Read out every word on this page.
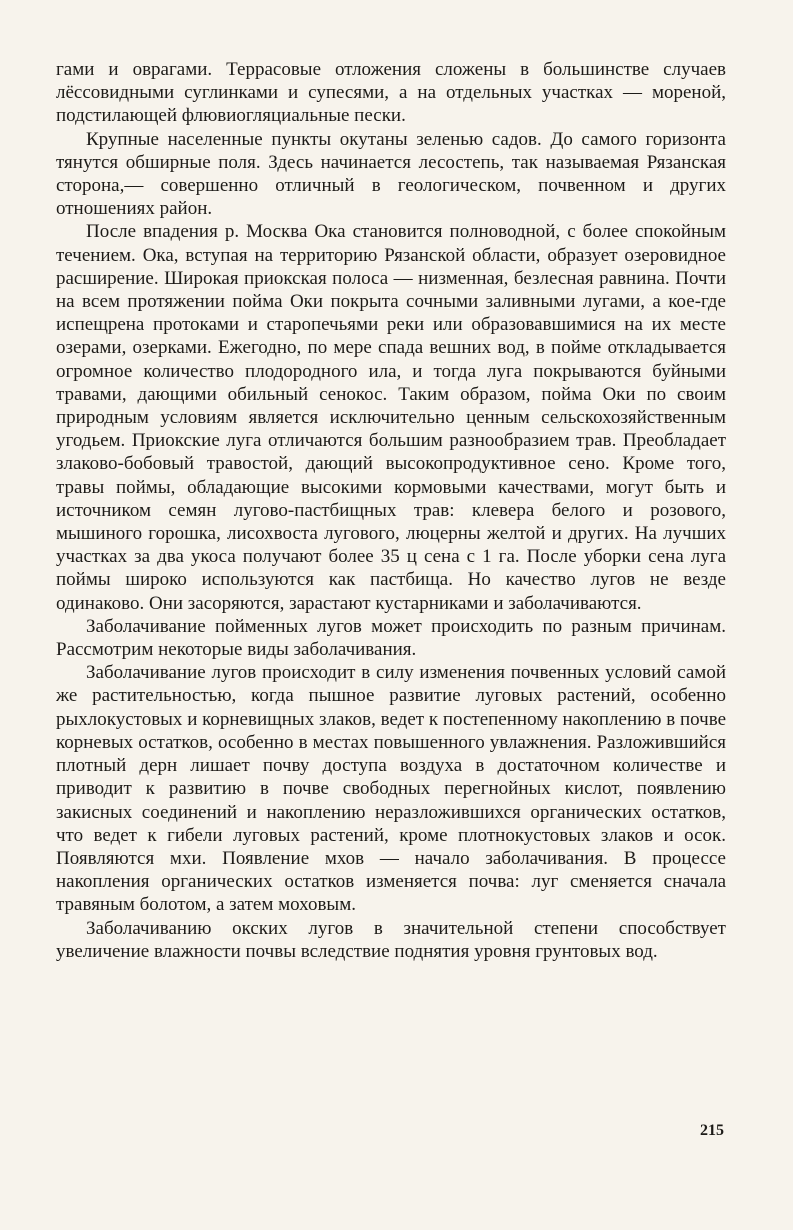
гами и оврагами. Террасовые отложения сложены в большинстве случаев лёссовидными суглинками и супесями, а на отдельных участках — мореной, подстилающей флювиогляциальные пески.

Крупные населенные пункты окутаны зеленью садов. До самого горизонта тянутся обширные поля. Здесь начинается лесостепь, так называемая Рязанская сторона,— совершенно отличный в геологическом, почвенном и других отношениях район.

После впадения р. Москва Ока становится полноводной, с более спокойным течением. Ока, вступая на территорию Рязанской области, образует озеровидное расширение. Широкая приокская полоса — низменная, безлесная равнина. Почти на всем протяжении пойма Оки покрыта сочными заливными лугами, а кое-где испещрена протоками и старопечьями реки или образовавшимися на их месте озерами, озерками. Ежегодно, по мере спада вешних вод, в пойме откладывается огромное количество плодородного ила, и тогда луга покрываются буйными травами, дающими обильный сенокос. Таким образом, пойма Оки по своим природным условиям является исключительно ценным сельскохозяйственным угодьем. Приокские луга отличаются большим разнообразием трав. Преобладает злаково-бобовый травостой, дающий высокопродуктивное сено. Кроме того, травы поймы, обладающие высокими кормовыми качествами, могут быть и источником семян лугово-пастбищных трав: клевера белого и розового, мышиного горошка, лисохвоста лугового, люцерны желтой и других. На лучших участках за два укоса получают более 35 ц сена с 1 га. После уборки сена луга поймы широко используются как пастбища. Но качество лугов не везде одинаково. Они засоряются, зарастают кустарниками и заболачиваются.

Заболачивание пойменных лугов может происходить по разным причинам. Рассмотрим некоторые виды заболачивания.

Заболачивание лугов происходит в силу изменения почвенных условий самой же растительностью, когда пышное развитие луговых растений, особенно рыхлокустовых и корневищных злаков, ведет к постепенному накоплению в почве корневых остатков, особенно в местах повышенного увлажнения. Разложившийся плотный дерн лишает почву доступа воздуха в достаточном количестве и приводит к развитию в почве свободных перегнойных кислот, появлению закисных соединений и накоплению неразложившихся органических остатков, что ведет к гибели луговых растений, кроме плотнокустовых злаков и осок. Появляются мхи. Появление мхов — начало заболачивания. В процессе накопления органических остатков изменяется почва: луг сменяется сначала травяным болотом, а затем моховым.

Заболачиванию окских лугов в значительной степени способствует увеличение влажности почвы вследствие поднятия уровня грунтовых вод.

215
